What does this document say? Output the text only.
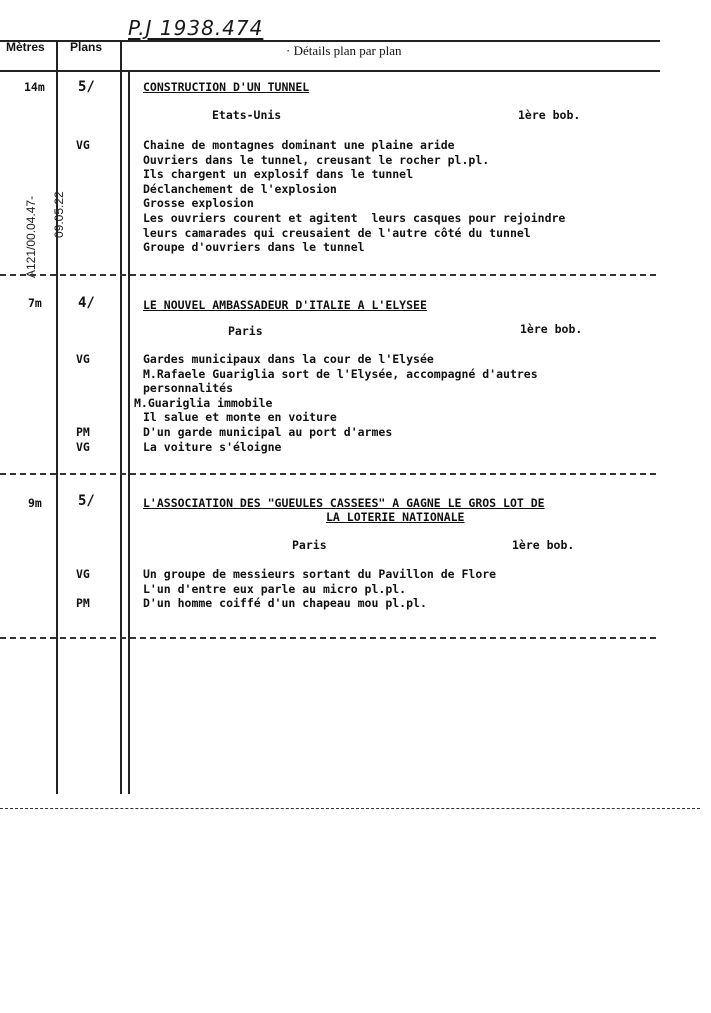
P.J 1938.474
Mètres Plans	· Détails plan par plan
A121/00.04.47- 09.05.22
14m 5/	CONSTRUCTION D'UN TUNNEL
Etats-Unis	1ère bob.
VG	Chaine de montagnes dominant une plaine aride
Ouvriers dans le tunnel, creusant le rocher pl.pl.
Ils chargent un explosif dans le tunnel
Déclanchement de l'explosion
Grosse explosion
Les ouvriers courent et agitent  leurs casques pour rejoindre
leurs camarades qui creusaient de l'autre côté du tunnel
Groupe d'ouvriers dans le tunnel
7m	4/	LE NOUVEL AMBASSADEUR D'ITALIE A L'ELYSEE
Paris	1ère bob.
VG	Gardes municipaux dans la cour de l'Elysée
M.Rafaele Guariglia sort de l'Elysée, accompagné d'autres
personnalités
M.Guariglia immobile
Il salue et monte en voiture
PM	D'un garde municipal au port d'armes
VG	La voiture s'éloigne
9m	5/	L'ASSOCIATION DES "GUEULES CASSEES" A GAGNE LE GROS LOT DE
LA LOTERIE NATIONALE
Paris	1ère bob.
VG	Un groupe de messieurs sortant du Pavillon de Flore
L'un d'entre eux parle au micro pl.pl.
PM	D'un homme coiffé d'un chapeau mou pl.pl.
